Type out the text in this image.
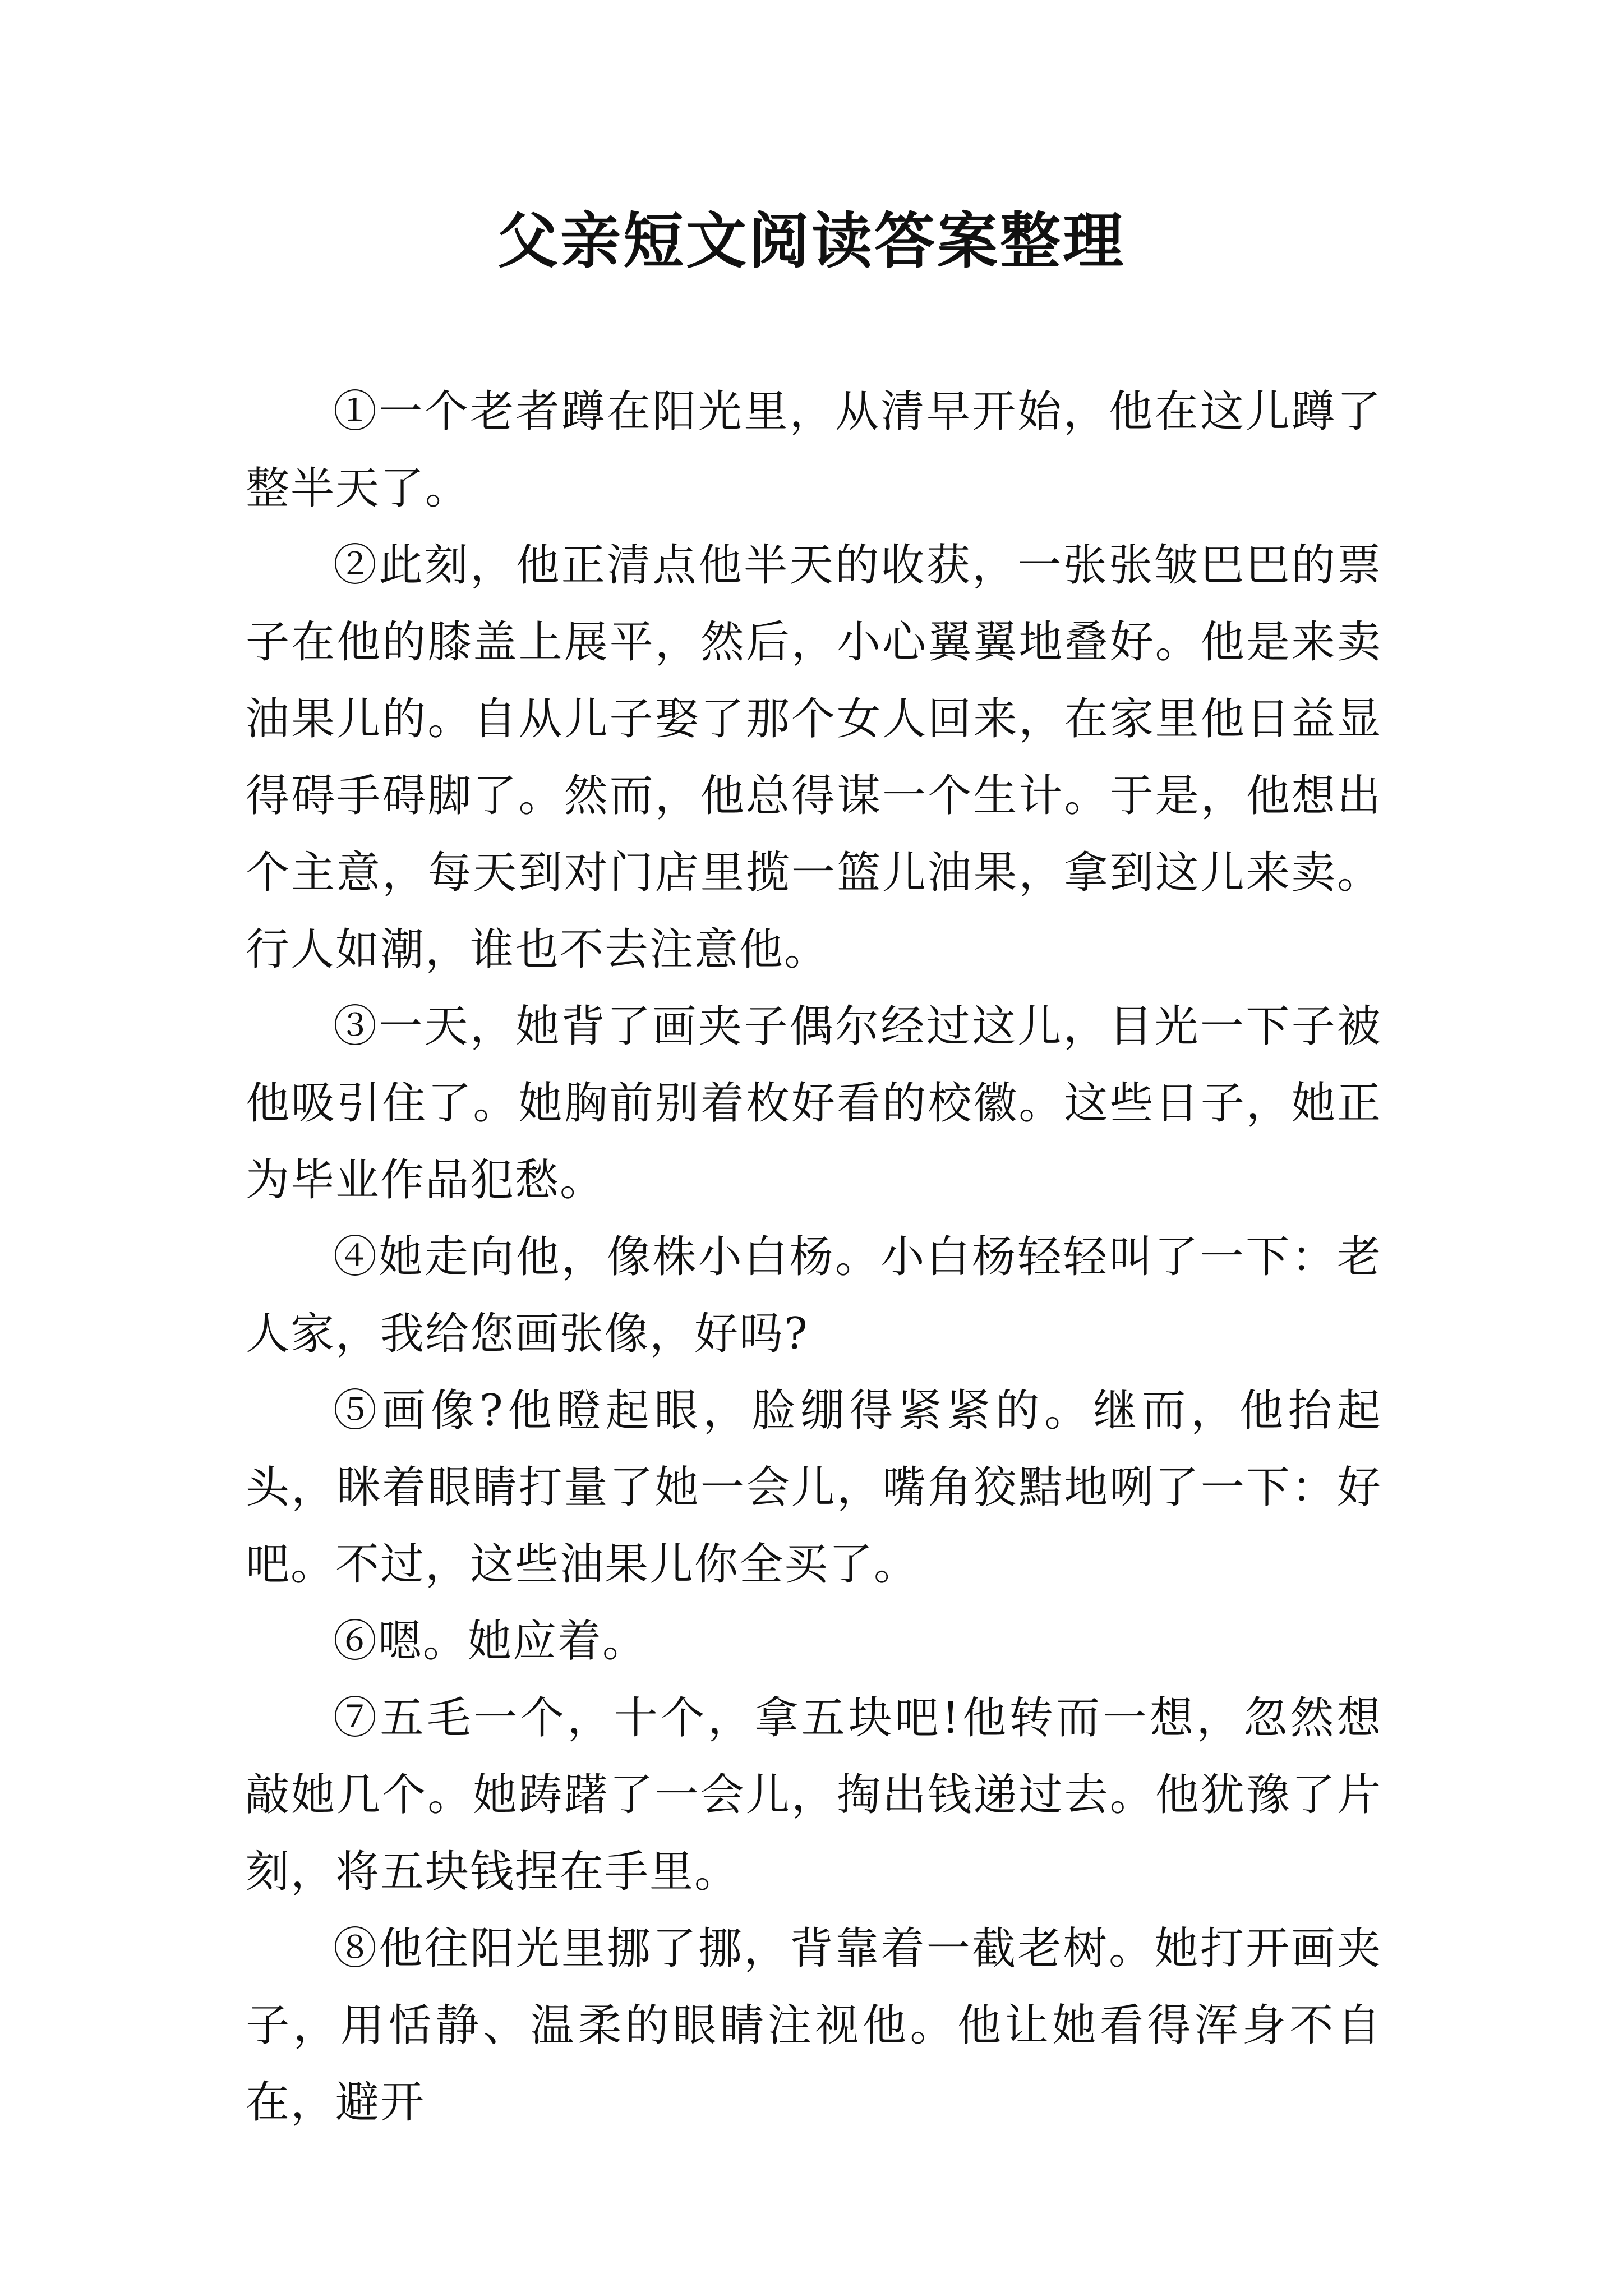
父亲短文阅读答案整理

①一个老者蹲在阳光里，从清早开始，他在这儿蹲了整半天了。

②此刻，他正清点他半天的收获，一张张皱巴巴的票子在他的膝盖上展平，然后，小心翼翼地叠好。他是来卖油果儿的。自从儿子娶了那个女人回来，在家里他日益显得碍手碍脚了。然而，他总得谋一个生计。于是，他想出个主意，每天到对门店里揽一篮儿油果，拿到这儿来卖。行人如潮，谁也不去注意他。

③一天，她背了画夹子偶尔经过这儿，目光一下子被他吸引住了。她胸前别着枚好看的校徽。这些日子，她正为毕业作品犯愁。

④她走向他，像株小白杨。小白杨轻轻叫了一下：老人家，我给您画张像，好吗?

⑤画像?他瞪起眼，脸绷得紧紧的。继而，他抬起头，眯着眼睛打量了她一会儿，嘴角狡黠地咧了一下：好吧。不过，这些油果儿你全买了。

⑥嗯。她应着。

⑦五毛一个，十个，拿五块吧!他转而一想，忽然想敲她几个。她踌躇了一会儿，掏出钱递过去。他犹豫了片刻，将五块钱捏在手里。

⑧他往阳光里挪了挪，背靠着一截老树。她打开画夹子，用恬静、温柔的眼睛注视他。他让她看得浑身不自在，避开
